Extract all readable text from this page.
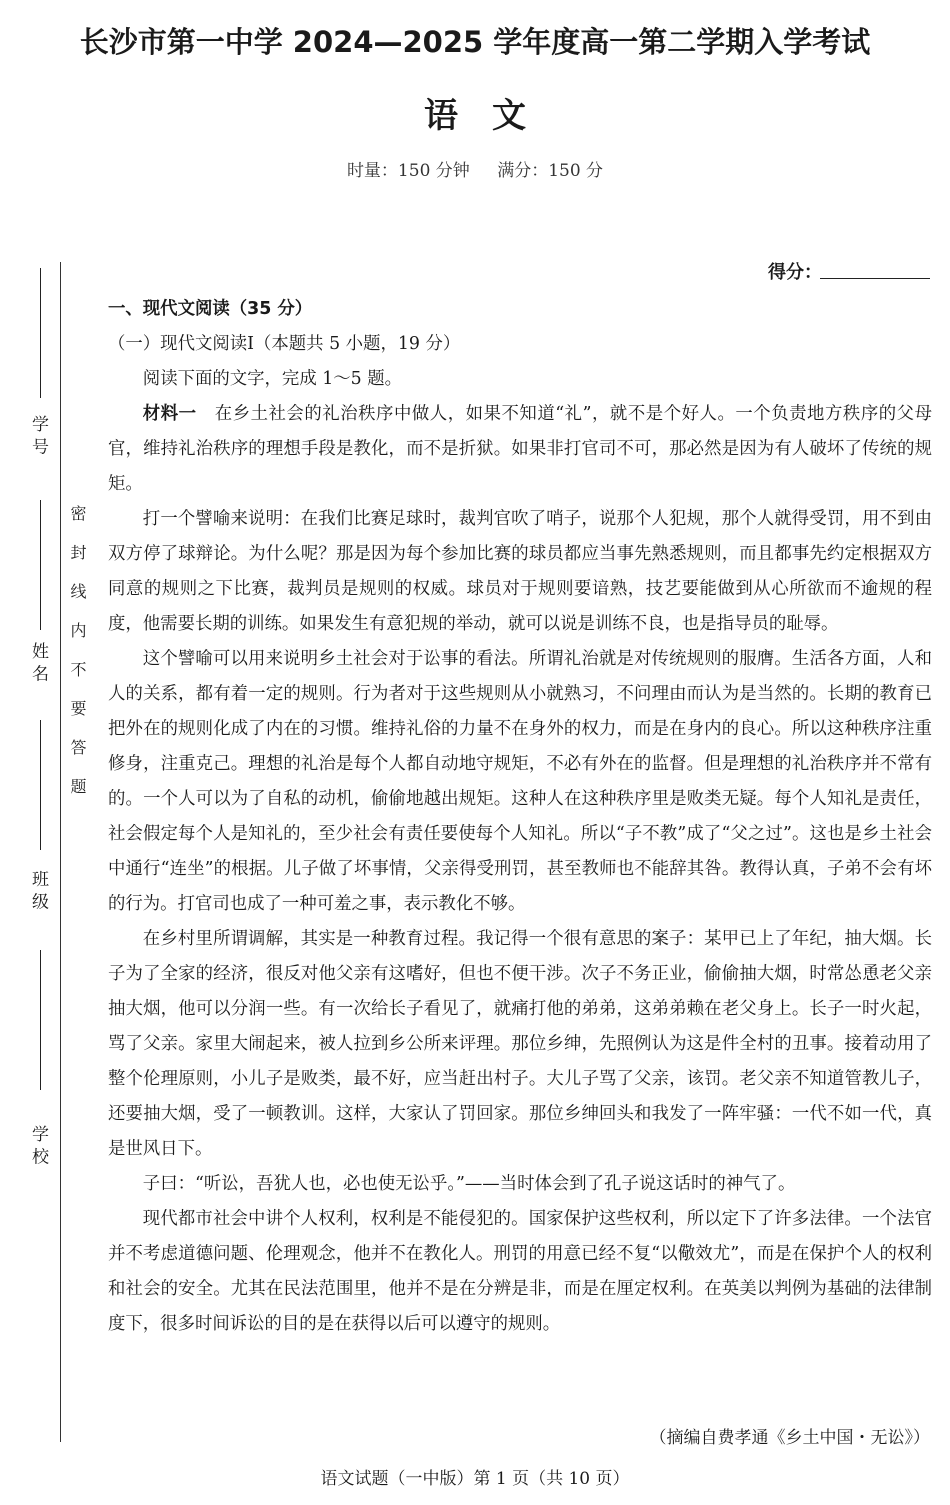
长沙市第一中学 2024—2025 学年度高一第二学期入学考试
语文
时量：150 分钟 满分：150 分
得分：
学 号
姓 名
班 级
学 校
密封线内不要答题

一、现代文阅读（35 分）

（一）现代文阅读Ⅰ（本题共 5 小题，19 分）

阅读下面的文字，完成 1～5 题。

材料一 在乡土社会的礼治秩序中做人，如果不知道“礼”，就不是个好人。一个负责地方秩序的父母官，维持礼治秩序的理想手段是教化，而不是折狱。如果非打官司不可，那必然是因为有人破坏了传统的规矩。

打一个譬喻来说明：在我们比赛足球时，裁判官吹了哨子，说那个人犯规，那个人就得受罚，用不到由双方停了球辩论。为什么呢？那是因为每个参加比赛的球员都应当事先熟悉规则，而且都事先约定根据双方同意的规则之下比赛，裁判员是规则的权威。球员对于规则要谙熟，技艺要能做到从心所欲而不逾规的程度，他需要长期的训练。如果发生有意犯规的举动，就可以说是训练不良，也是指导员的耻辱。

这个譬喻可以用来说明乡土社会对于讼事的看法。所谓礼治就是对传统规则的服膺。生活各方面，人和人的关系，都有着一定的规则。行为者对于这些规则从小就熟习，不问理由而认为是当然的。长期的教育已把外在的规则化成了内在的习惯。维持礼俗的力量不在身外的权力，而是在身内的良心。所以这种秩序注重修身，注重克己。理想的礼治是每个人都自动地守规矩，不必有外在的监督。但是理想的礼治秩序并不常有的。一个人可以为了自私的动机，偷偷地越出规矩。这种人在这种秩序里是败类无疑。每个人知礼是责任，社会假定每个人是知礼的，至少社会有责任要使每个人知礼。所以“子不教”成了“父之过”。这也是乡土社会中通行“连坐”的根据。儿子做了坏事情，父亲得受刑罚，甚至教师也不能辞其咎。教得认真，子弟不会有坏的行为。打官司也成了一种可羞之事，表示教化不够。

在乡村里所谓调解，其实是一种教育过程。我记得一个很有意思的案子：某甲已上了年纪，抽大烟。长子为了全家的经济，很反对他父亲有这嗜好，但也不便干涉。次子不务正业，偷偷抽大烟，时常怂恿老父亲抽大烟，他可以分润一些。有一次给长子看见了，就痛打他的弟弟，这弟弟赖在老父身上。长子一时火起，骂了父亲。家里大闹起来，被人拉到乡公所来评理。那位乡绅，先照例认为这是件全村的丑事。接着动用了整个伦理原则，小儿子是败类，最不好，应当赶出村子。大儿子骂了父亲，该罚。老父亲不知道管教儿子，还要抽大烟，受了一顿教训。这样，大家认了罚回家。那位乡绅回头和我发了一阵牢骚：一代不如一代，真是世风日下。

子曰：“听讼，吾犹人也，必也使无讼乎。”——当时体会到了孔子说这话时的神气了。

现代都市社会中讲个人权利，权利是不能侵犯的。国家保护这些权利，所以定下了许多法律。一个法官并不考虑道德问题、伦理观念，他并不在教化人。刑罚的用意已经不复“以儆效尤”，而是在保护个人的权利和社会的安全。尤其在民法范围里，他并不是在分辨是非，而是在厘定权利。在英美以判例为基础的法律制度下，很多时间诉讼的目的是在获得以后可以遵守的规则。

（摘编自费孝通《乡土中国・无讼》）
语文试题（一中版）第 1 页（共 10 页）
